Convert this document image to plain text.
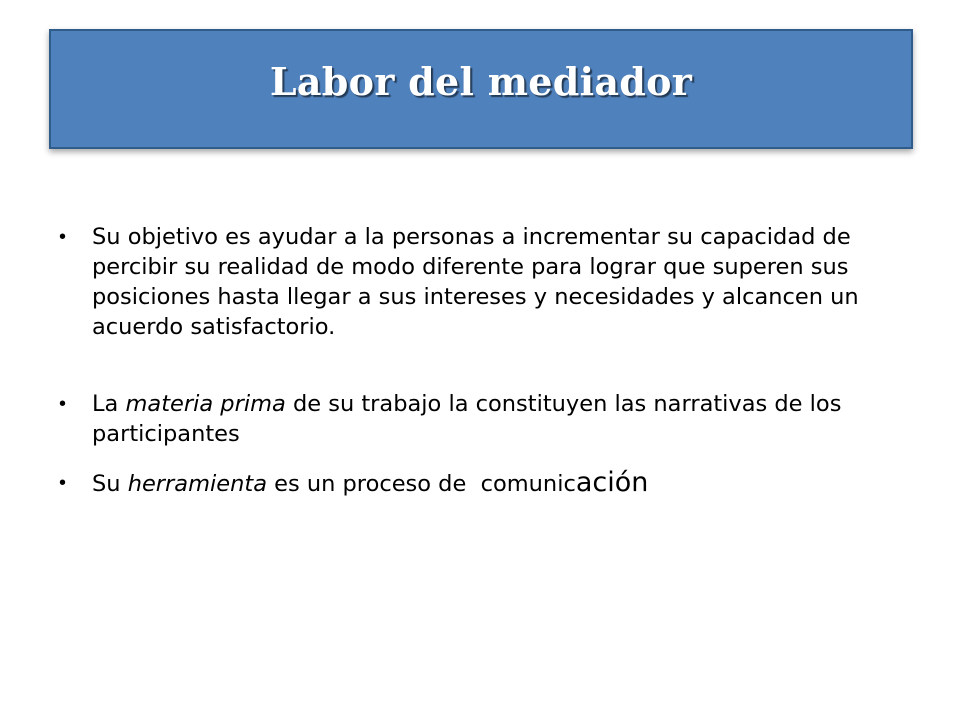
Labor del mediador
• Su objetivo es ayudar a la personas a incrementar su capacidad de percibir su realidad de modo diferente para lograr que superen sus posiciones hasta llegar a sus intereses y necesidades y alcancen un acuerdo satisfactorio.
• La materia prima de su trabajo la constituyen las narrativas de los participantes
• Su herramienta es un proceso de  comunicación
